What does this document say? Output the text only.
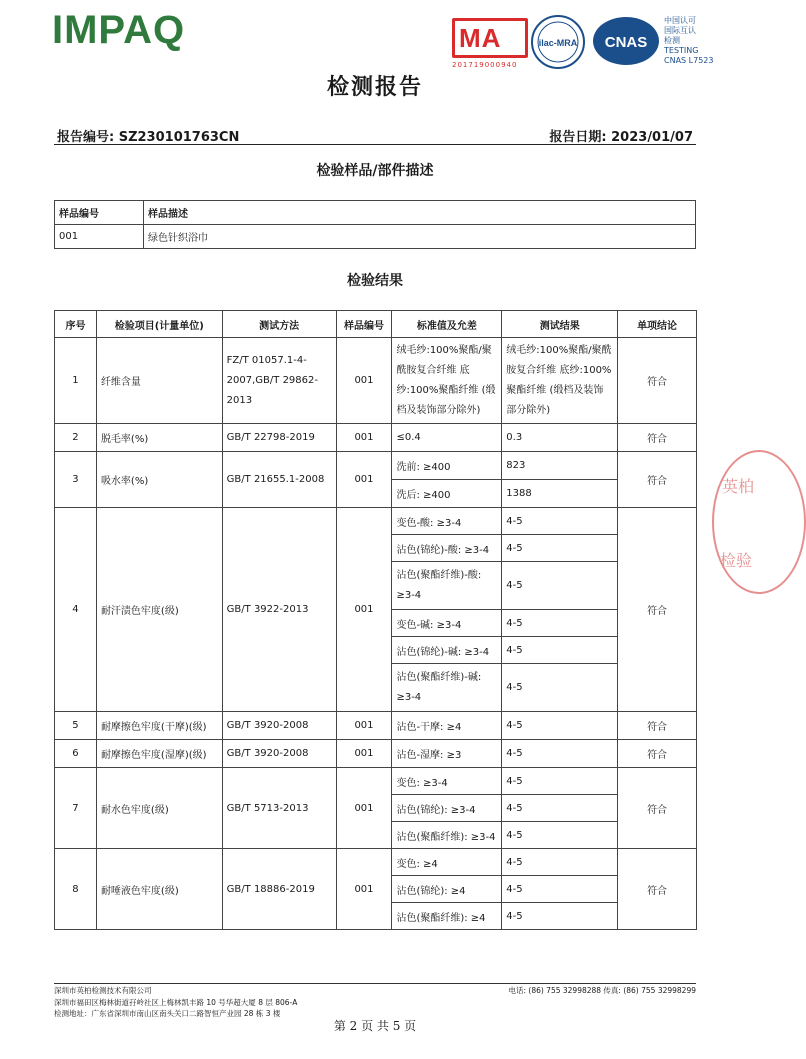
IMPAQ	MA
201719000940
ilac-MRA CNAS
中国认可
国际互认
检测
TESTING
CNAS L7523
检测报告
报告编号: SZ230101763CN	报告日期: 2023/01/07
检验样品/部件描述
样品编号	样品描述
001	绿色针织浴巾
检验结果
序号	检验项目(计量单位)	测试方法	样品编号	标准值及允差	测试结果	单项结论
1	纤维含量	FZ/T 01057.1-4-2007,GB/T 29862-2013	001	绒毛纱:100%聚酯/聚酰胺复合纤维 底纱:100%聚酯纤维 (缎档及装饰部分除外)	绒毛纱:100%聚酯/聚酰胺复合纤维 底纱:100%聚酯纤维 (缎档及装饰部分除外)	符合
2	脱毛率(%)	GB/T 22798-2019	001	≤0.4	0.3	符合
3	吸水率(%)	GB/T 21655.1-2008	001	洗前: ≥400	823	符合
				洗后: ≥400	1388	
4	耐汗渍色牢度(级)	GB/T 3922-2013	001	变色-酸: ≥3-4	4-5	符合
				沾色(锦纶)-酸: ≥3-4	4-5	
				沾色(聚酯纤维)-酸: ≥3-4	4-5	
				变色-碱: ≥3-4	4-5	
				沾色(锦纶)-碱: ≥3-4	4-5	
				沾色(聚酯纤维)-碱: ≥3-4	4-5	
5	耐摩擦色牢度(干摩)(级)	GB/T 3920-2008	001	沾色-干摩: ≥4	4-5	符合
6	耐摩擦色牢度(湿摩)(级)	GB/T 3920-2008	001	沾色-湿摩: ≥3	4-5	符合
7	耐水色牢度(级)	GB/T 5713-2013	001	变色: ≥3-4	4-5	符合
				沾色(锦纶): ≥3-4	4-5	
				沾色(聚酯纤维): ≥3-4	4-5	
8	耐唾液色牢度(级)	GB/T 18886-2019	001	变色: ≥4	4-5	符合
				沾色(锦纶): ≥4	4-5	
				沾色(聚酯纤维): ≥4	4-5	
英柏
检验
深圳市英柏检测技术有限公司
深圳市福田区梅林街道孖岭社区上梅林凯丰路 10 号华超大厦 8 层 806-A
检测地址：广东省深圳市南山区南头关口二路智恒产业园 28 栋 3 楼
电话: (86) 755 32998288 传真: (86) 755 32998299
第 2 页 共 5 页
